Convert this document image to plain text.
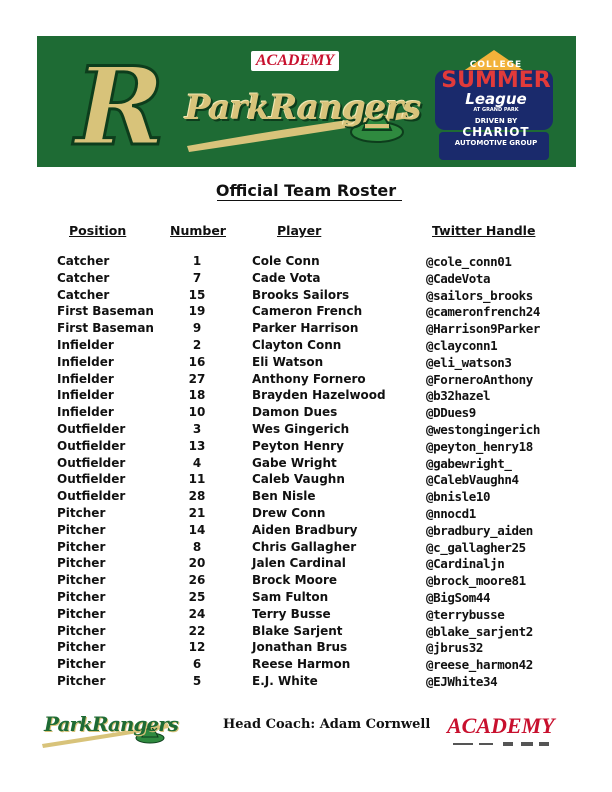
R	ACADEMY
ParkRangers
COLLEGE
SUMMER
League
AT GRAND PARK
DRIVEN BY
CHARIOT
AUTOMOTIVE GROUP
Official Team Roster
Position	Number	Player	Twitter Handle
Catcher	1	Cole Conn	@cole_conn01
Catcher	7	Cade Vota	@CadeVota
Catcher	15	Brooks Sailors	@sailors_brooks
First Baseman	19	Cameron French	@cameronfrench24
First Baseman	9	Parker Harrison	@Harrison9Parker
Infielder	2	Clayton Conn	@clayconn1
Infielder	16	Eli Watson	@eli_watson3
Infielder	27	Anthony Fornero	@ForneroAnthony
Infielder	18	Brayden Hazelwood	@b32hazel
Infielder	10	Damon Dues	@DDues9
Outfielder	3	Wes Gingerich	@westongingerich
Outfielder	13	Peyton Henry	@peyton_henry18
Outfielder	4	Gabe Wright	@gabewright_
Outfielder	11	Caleb Vaughn	@CalebVaughn4
Outfielder	28	Ben Nisle	@bnisle10
Pitcher	21	Drew Conn	@nnocd1
Pitcher	14	Aiden Bradbury	@bradbury_aiden
Pitcher	8	Chris Gallagher	@c_gallagher25
Pitcher	20	Jalen Cardinal	@Cardinaljn
Pitcher	26	Brock Moore	@brock_moore81
Pitcher	25	Sam Fulton	@BigSom44
Pitcher	24	Terry Busse	@terrybusse
Pitcher	22	Blake Sarjent	@blake_sarjent2
Pitcher	12	Jonathan Brus	@jbrus32
Pitcher	6	Reese Harmon	@reese_harmon42
Pitcher	5	E.J. White	@EJWhite34
ParkRangers	Head Coach: Adam Cornwell ACADEMY
